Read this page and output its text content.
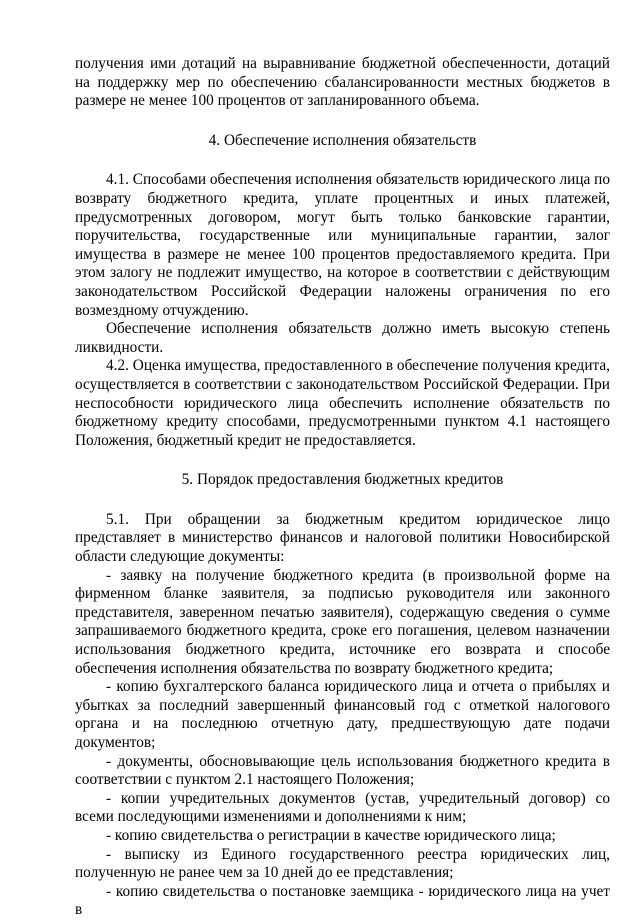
получения ими дотаций на выравнивание бюджетной обеспеченности, дотаций на поддержку мер по обеспечению сбалансированности местных бюджетов в размере не менее 100 процентов от запланированного объема.

4. Обеспечение исполнения обязательств

4.1. Способами обеспечения исполнения обязательств юридического лица по возврату бюджетного кредита, уплате процентных и иных платежей, предусмотренных договором, могут быть только банковские гарантии, поручительства, государственные или муниципальные гарантии, залог имущества в размере не менее 100 процентов предоставляемого кредита. При этом залогу не подлежит имущество, на которое в соответствии с действующим законодательством Российской Федерации наложены ограничения по его возмездному отчуждению.

Обеспечение исполнения обязательств должно иметь высокую степень ликвидности.

4.2. Оценка имущества, предоставленного в обеспечение получения кредита, осуществляется в соответствии с законодательством Российской Федерации. При неспособности юридического лица обеспечить исполнение обязательств по бюджетному кредиту способами, предусмотренными пунктом 4.1 настоящего Положения, бюджетный кредит не предоставляется.

5. Порядок предоставления бюджетных кредитов

5.1. При обращении за бюджетным кредитом юридическое лицо представляет в министерство финансов и налоговой политики Новосибирской области следующие документы:

- заявку на получение бюджетного кредита (в произвольной форме на фирменном бланке заявителя, за подписью руководителя или законного представителя, заверенном печатью заявителя), содержащую сведения о сумме запрашиваемого бюджетного кредита, сроке его погашения, целевом назначении использования бюджетного кредита, источнике его возврата и способе обеспечения исполнения обязательства по возврату бюджетного кредита;

- копию бухгалтерского баланса юридического лица и отчета о прибылях и убытках за последний завершенный финансовый год с отметкой налогового органа и на последнюю отчетную дату, предшествующую дате подачи документов;

- документы, обосновывающие цель использования бюджетного кредита в соответствии с пунктом 2.1 настоящего Положения;

- копии учредительных документов (устав, учредительный договор) со всеми последующими изменениями и дополнениями к ним;

- копию свидетельства о регистрации в качестве юридического лица;

- выписку из Единого государственного реестра юридических лиц, полученную не ранее чем за 10 дней до ее представления;

- копию свидетельства о постановке заемщика - юридического лица на учет в
